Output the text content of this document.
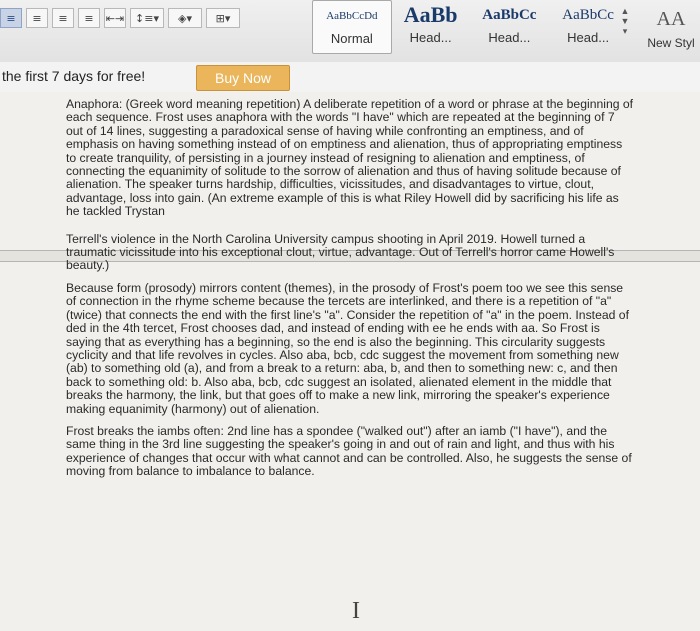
≡ ≡ ≡ ≡ ⇤⇥ ↕≡▾ ◈▾ ⊞▾	AaBbCcDd
Normal
AaBb
Head...
AaBbCc
Head...
AaBbCc
Head...
▲
▼
▾
AA
New Styl
the first 7 days for free!	Buy Now

Anaphora: (Greek word meaning repetition) A deliberate repetition of a word or phrase at the beginning of each sequence. Frost uses anaphora with the words "I have" which are repeated at the beginning of 7 out of 14 lines, suggesting a paradoxical sense of having while confronting an emptiness, and of emphasis on having something instead of on emptiness and alienation, thus of appropriating emptiness to create tranquility, of persisting in a journey instead of resigning to alienation and emptiness, of connecting the equanimity of solitude to the sorrow of alienation and thus of having solitude because of alienation. The speaker turns hardship, difficulties, vicissitudes, and disadvantages to virtue, clout, advantage, loss into gain. (An extreme example of this is what Riley Howell did by sacrificing his life as he tackled Trystan

Terrell's violence in the North Carolina University campus shooting in April 2019. Howell turned a traumatic vicissitude into his exceptional clout, virtue, advantage. Out of Terrell's horror came Howell's beauty.)

Because form (prosody) mirrors content (themes), in the prosody of Frost's poem too we see this sense of connection in the rhyme scheme because the tercets are interlinked, and there is a repetition of "a" (twice) that connects the end with the first line's "a". Consider the repetition of "a" in the poem. Instead of ded in the 4th tercet, Frost chooses dad, and instead of ending with ee he ends with aa. So Frost is saying that as everything has a beginning, so the end is also the beginning. This circularity suggests cyclicity and that life revolves in cycles. Also aba, bcb, cdc suggest the movement from something new (ab) to something old (a), and from a break to a return: aba, b, and then to something new: c, and then back to something old: b. Also aba, bcb, cdc suggest an isolated, alienated element in the middle that breaks the harmony, the link, but that goes off to make a new link, mirroring the speaker's experience making equanimity (harmony) out of alienation.

Frost breaks the iambs often: 2nd line has a spondee ("walked out") after an iamb ("I have"), and the same thing in the 3rd line suggesting the speaker's going in and out of rain and light, and thus with his experience of changes that occur with what cannot and can be controlled. Also, he suggests the sense of moving from balance to imbalance to balance.

I
